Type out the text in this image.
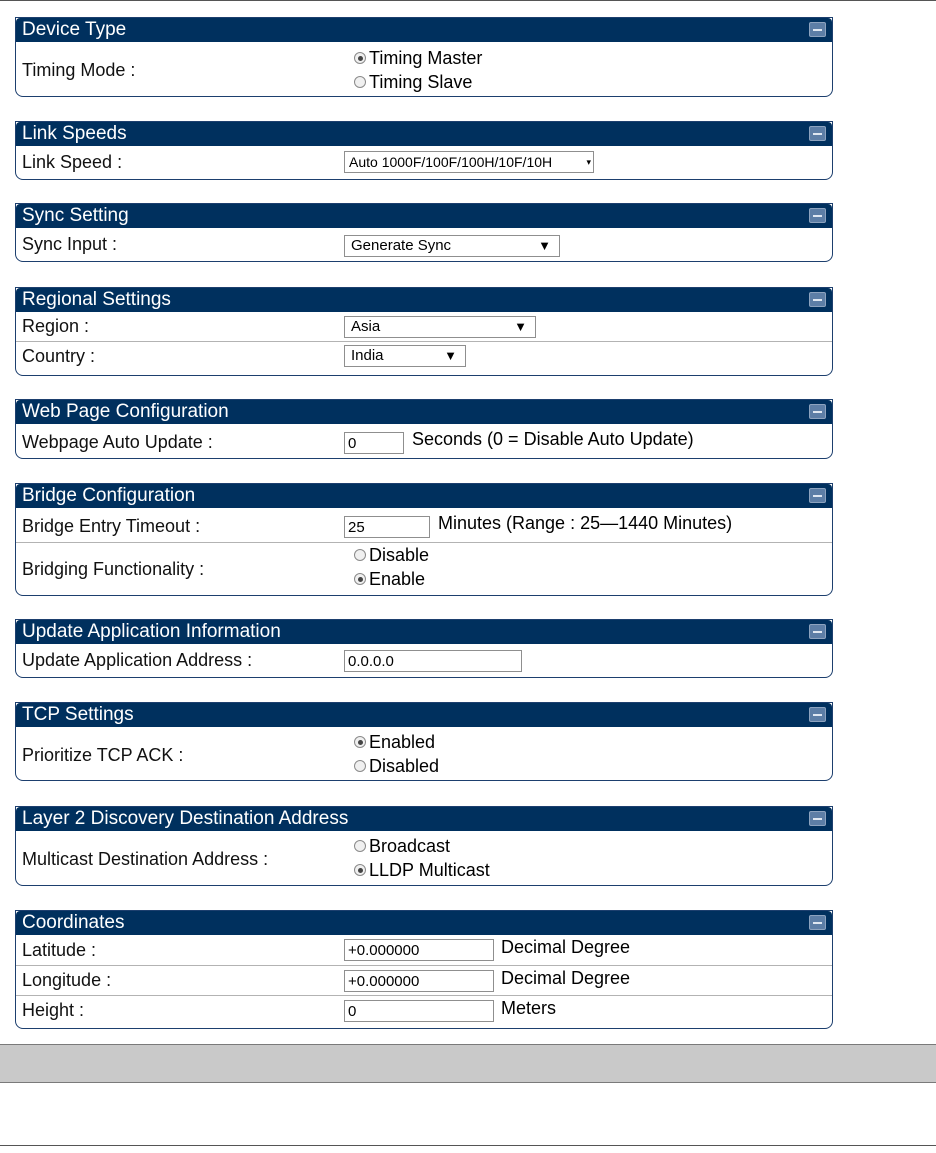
Device Type
Timing Mode :
Timing Master
Timing Slave
Link Speeds
Link Speed :	Auto 1000F/100F/100H/10F/10H	▾
Sync Setting
Sync Input :	Generate Sync	▼
Regional Settings
Region :	Asia	▼
Country :	India	▼
Web Page Configuration
Webpage Auto Update :	0	Seconds (0 = Disable Auto Update)
Bridge Configuration
Bridge Entry Timeout :	25	Minutes (Range : 25—1440 Minutes)
Bridging Functionality :
Disable
Enable
Update Application Information
Update Application Address :	0.0.0.0
TCP Settings
Prioritize TCP ACK :
Enabled
Disabled
Layer 2 Discovery Destination Address
Multicast Destination Address :
Broadcast
LLDP Multicast
Coordinates
Latitude :	+0.000000	Decimal Degree
Longitude :	+0.000000	Decimal Degree
Height :	0	Meters
